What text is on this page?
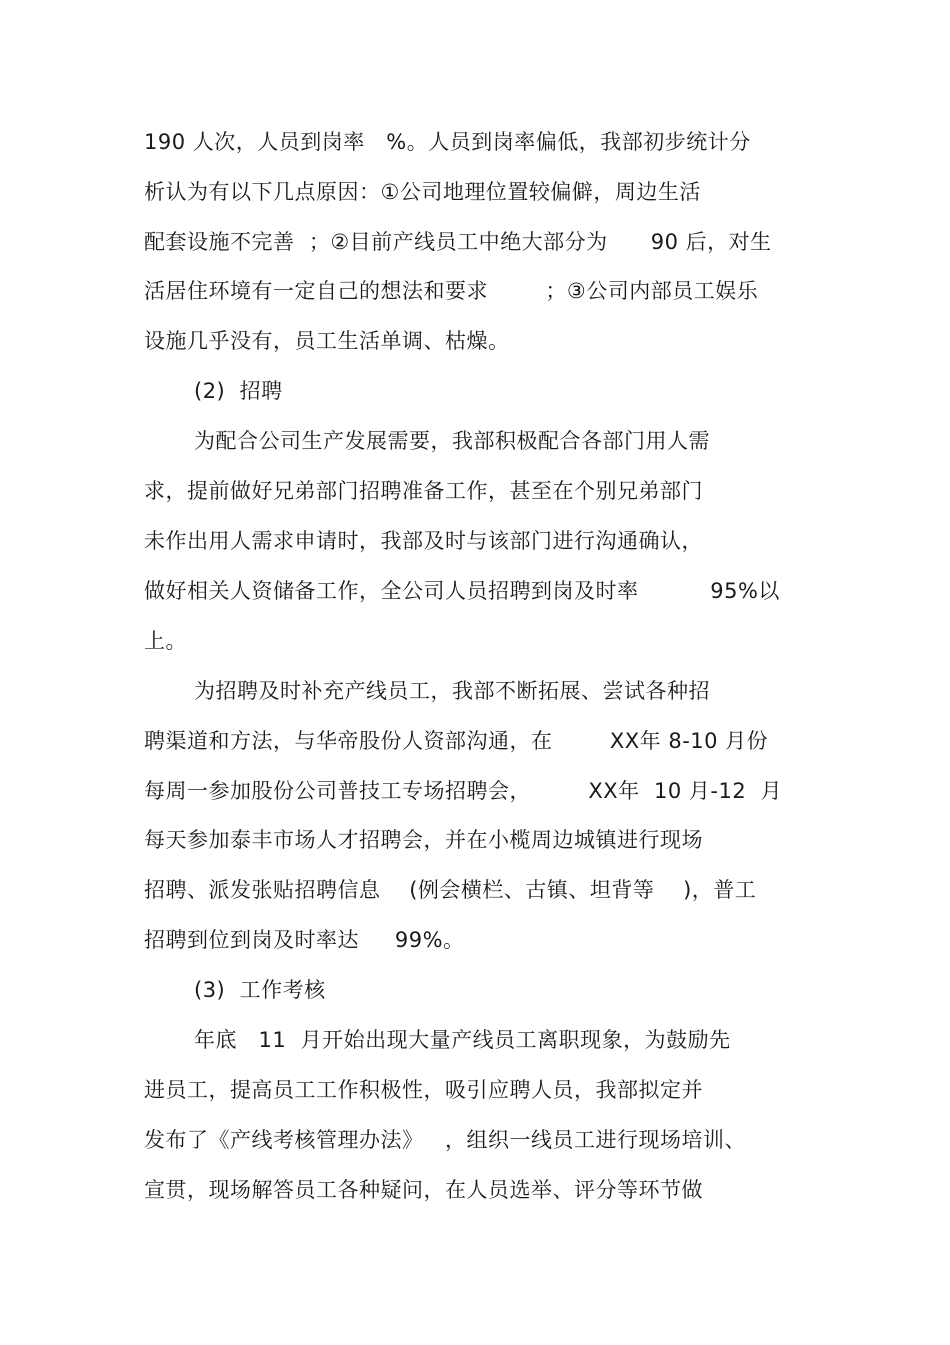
190 人次，人员到岗率   %。人员到岗率偏低，我部初步统计分
析认为有以下几点原因：①公司地理位置较偏僻，周边生活
配套设施不完善  ；②目前产线员工中绝大部分为      90 后，对生
活居住环境有一定自己的想法和要求        ；③公司内部员工娱乐
设施几乎没有，员工生活单调、枯燥。
(2)  招聘
为配合公司生产发展需要，我部积极配合各部门用人需
求，提前做好兄弟部门招聘准备工作，甚至在个别兄弟部门
未作出用人需求申请时，我部及时与该部门进行沟通确认，
做好相关人资储备工作，全公司人员招聘到岗及时率          95%以
上。
为招聘及时补充产线员工，我部不断拓展、尝试各种招
聘渠道和方法，与华帝股份人资部沟通，在        XX年 8-10 月份
每周一参加股份公司普技工专场招聘会，        XX年  10 月-12  月
每天参加泰丰市场人才招聘会，并在小榄周边城镇进行现场
招聘、派发张贴招聘信息    (例会横栏、古镇、坦背等    )，普工
招聘到位到岗及时率达     99%。
(3)  工作考核
年底   11  月开始出现大量产线员工离职现象，为鼓励先
进员工，提高员工工作积极性，吸引应聘人员，我部拟定并
发布了《产线考核管理办法》   ，组织一线员工进行现场培训、
宣贯，现场解答员工各种疑问，在人员选举、评分等环节做
